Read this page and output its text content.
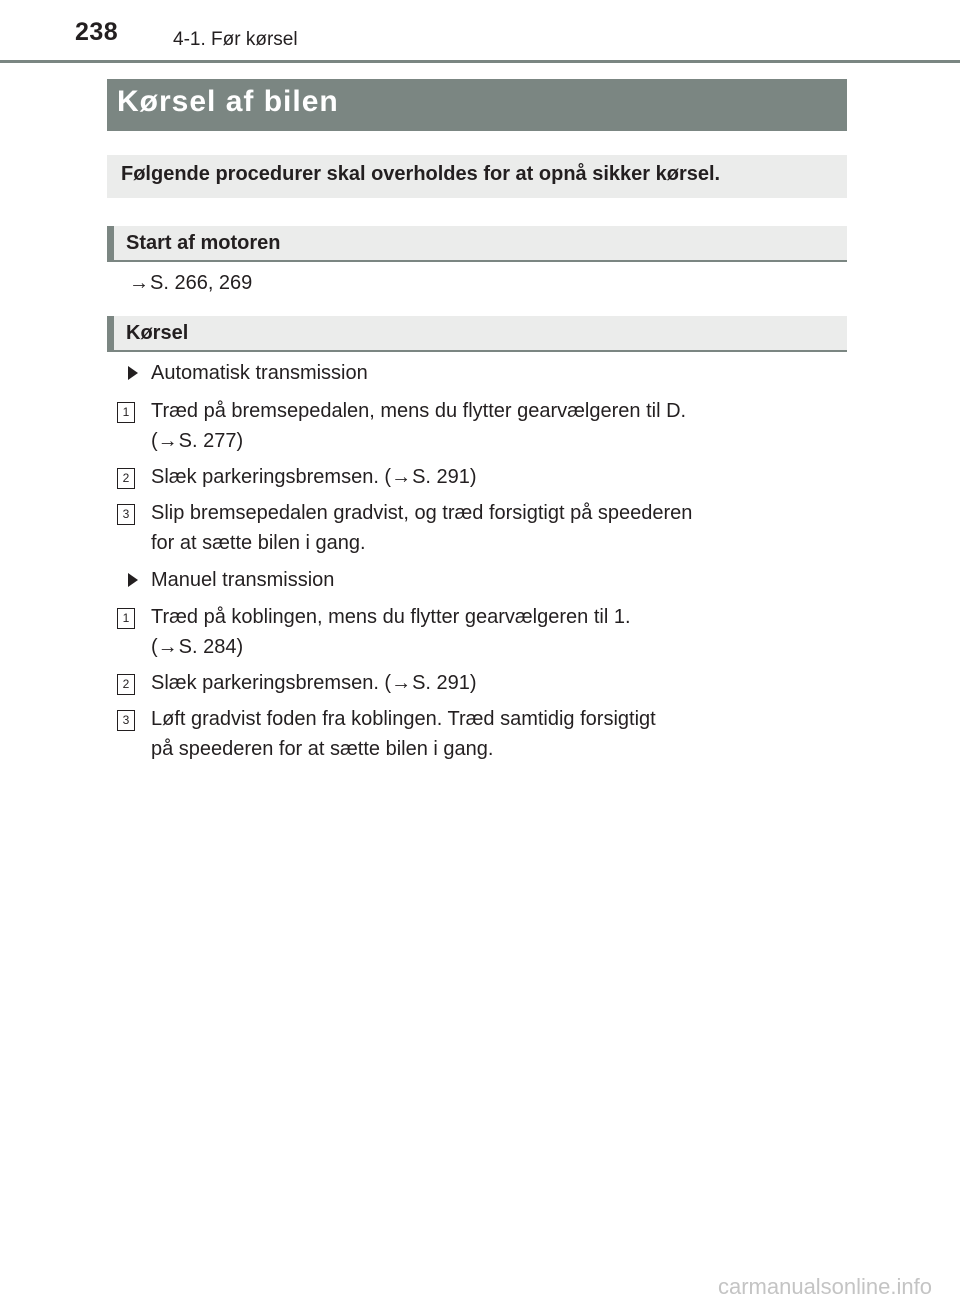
238	4-1. Før kørsel
Kørsel af bilen
Følgende procedurer skal overholdes for at opnå sikker kørsel.
Start af motoren
→S. 266, 269
Kørsel
Automatisk transmission
1 Træd på bremsepedalen, mens du flytter gearvælgeren til D.
(→S. 277)
2 Slæk parkeringsbremsen. (→S. 291)
3 Slip bremsepedalen gradvist, og træd forsigtigt på speederen
for at sætte bilen i gang.
Manuel transmission
1 Træd på koblingen, mens du flytter gearvælgeren til 1.
(→S. 284)
2 Slæk parkeringsbremsen. (→S. 291)
3 Løft gradvist foden fra koblingen. Træd samtidig forsigtigt
på speederen for at sætte bilen i gang.
carmanualsonline.info
